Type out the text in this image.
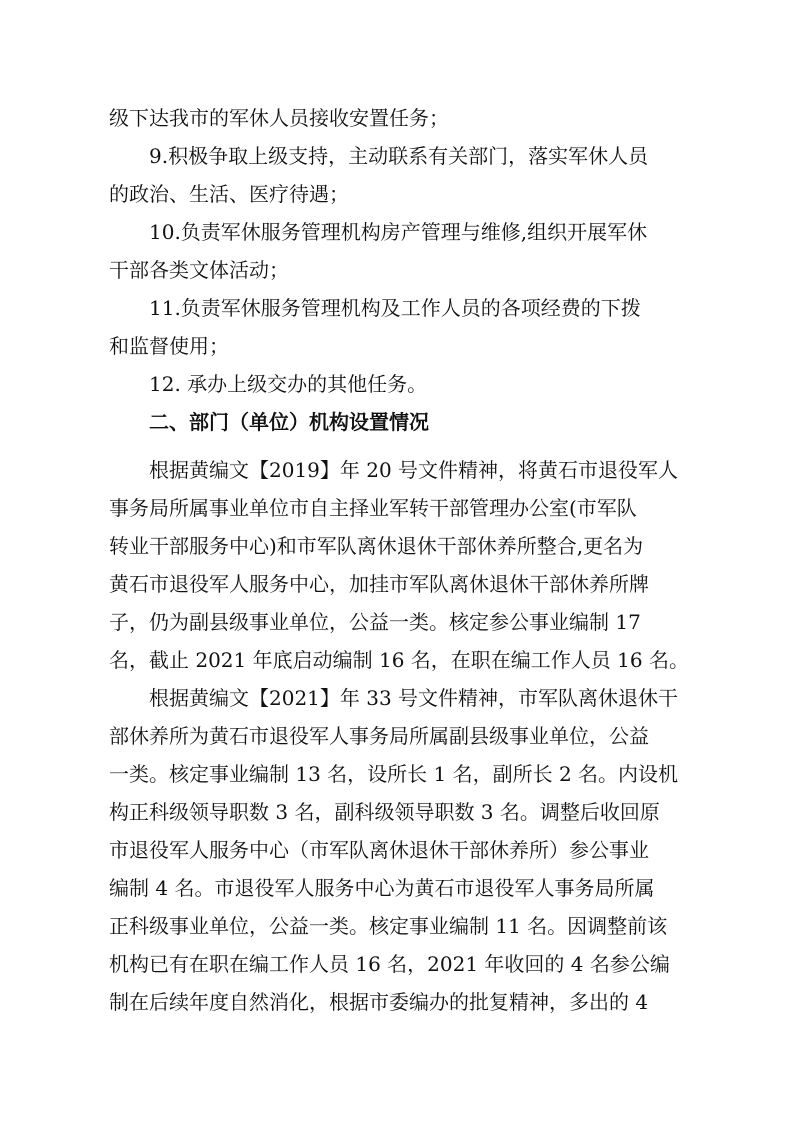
级下达我市的军休人员接收安置任务；

9.积极争取上级支持，主动联系有关部门，落实军休人员

的政治、生活、医疗待遇；

10.负责军休服务管理机构房产管理与维修,组织开展军休

干部各类文体活动；

11.负责军休服务管理机构及工作人员的各项经费的下拨

和监督使用；

12. 承办上级交办的其他任务。

二、部门（单位）机构设置情况

根据黄编文【2019】年 20 号文件精神，将黄石市退役军人

事务局所属事业单位市自主择业军转干部管理办公室(市军队

转业干部服务中心)和市军队离休退休干部休养所整合,更名为

黄石市退役军人服务中心，加挂市军队离休退休干部休养所牌

子，仍为副县级事业单位，公益一类。核定参公事业编制 17

名，截止 2021 年底启动编制 16 名，在职在编工作人员 16 名。

根据黄编文【2021】年 33 号文件精神，市军队离休退休干

部休养所为黄石市退役军人事务局所属副县级事业单位，公益

一类。核定事业编制 13 名，设所长 1 名，副所长 2 名。内设机

构正科级领导职数 3 名，副科级领导职数 3 名。调整后收回原

市退役军人服务中心（市军队离休退休干部休养所）参公事业

编制 4 名。市退役军人服务中心为黄石市退役军人事务局所属

正科级事业单位，公益一类。核定事业编制 11 名。因调整前该

机构已有在职在编工作人员 16 名，2021 年收回的 4 名参公编

制在后续年度自然消化，根据市委编办的批复精神，多出的 4
